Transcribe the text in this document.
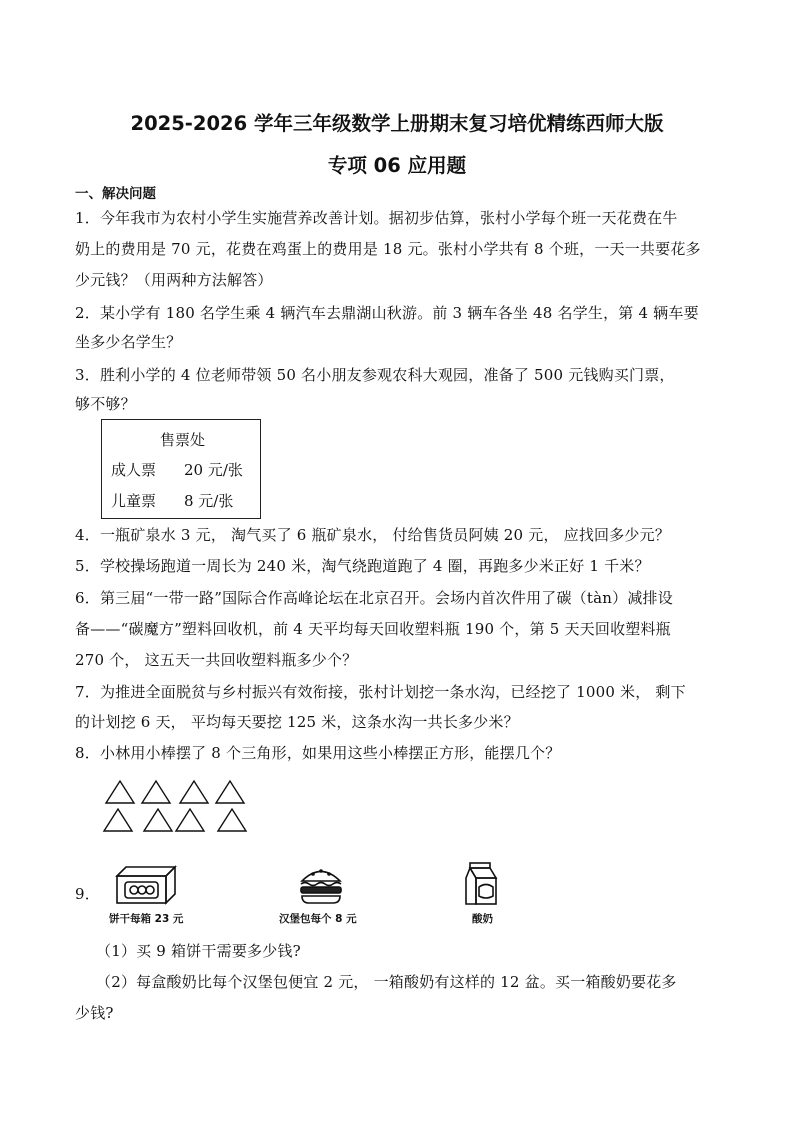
2025-2026 学年三年级数学上册期末复习培优精练西师大版
专项 06 应用题
一、解决问题
1．今年我市为农村小学生实施营养改善计划。据初步估算，张村小学每个班一天花费在牛
奶上的费用是 70 元，花费在鸡蛋上的费用是 18 元。张村小学共有 8 个班，一天一共要花多
少元钱？（用两种方法解答）
2．某小学有 180 名学生乘 4 辆汽车去鼎湖山秋游。前 3 辆车各坐 48 名学生，第 4 辆车要
坐多少名学生？
3．胜利小学的 4 位老师带领 50 名小朋友参观农科大观园，准备了 500 元钱购买门票，
够不够？
售票处
成人票 20 元/张
儿童票 8 元/张
4．一瓶矿泉水 3 元， 淘气买了 6 瓶矿泉水， 付给售货员阿姨 20 元， 应找回多少元？
5．学校操场跑道一周长为 240 米，淘气绕跑道跑了 4 圈，再跑多少米正好 1 千米？
6．第三届“一带一路”国际合作高峰论坛在北京召开。会场内首次件用了碳（tàn）减排设
备——“碳魔方”塑料回收机，前 4 天平均每天回收塑料瓶 190 个，第 5 天天回收塑料瓶
270 个， 这五天一共回收塑料瓶多少个？
7．为推进全面脱贫与乡村振兴有效衔接，张村计划挖一条水沟，已经挖了 1000 米， 剩下
的计划挖 6 天， 平均每天要挖 125 米，这条水沟一共长多少米？
8．小林用小棒摆了 8 个三角形，如果用这些小棒摆正方形，能摆几个？
9．
饼干每箱 23 元	汉堡包每个 8 元	酸奶
（1）买 9 箱饼干需要多少钱?
（2）每盒酸奶比每个汉堡包便宜 2 元， 一箱酸奶有这样的 12 盆。买一箱酸奶要花多
少钱?
